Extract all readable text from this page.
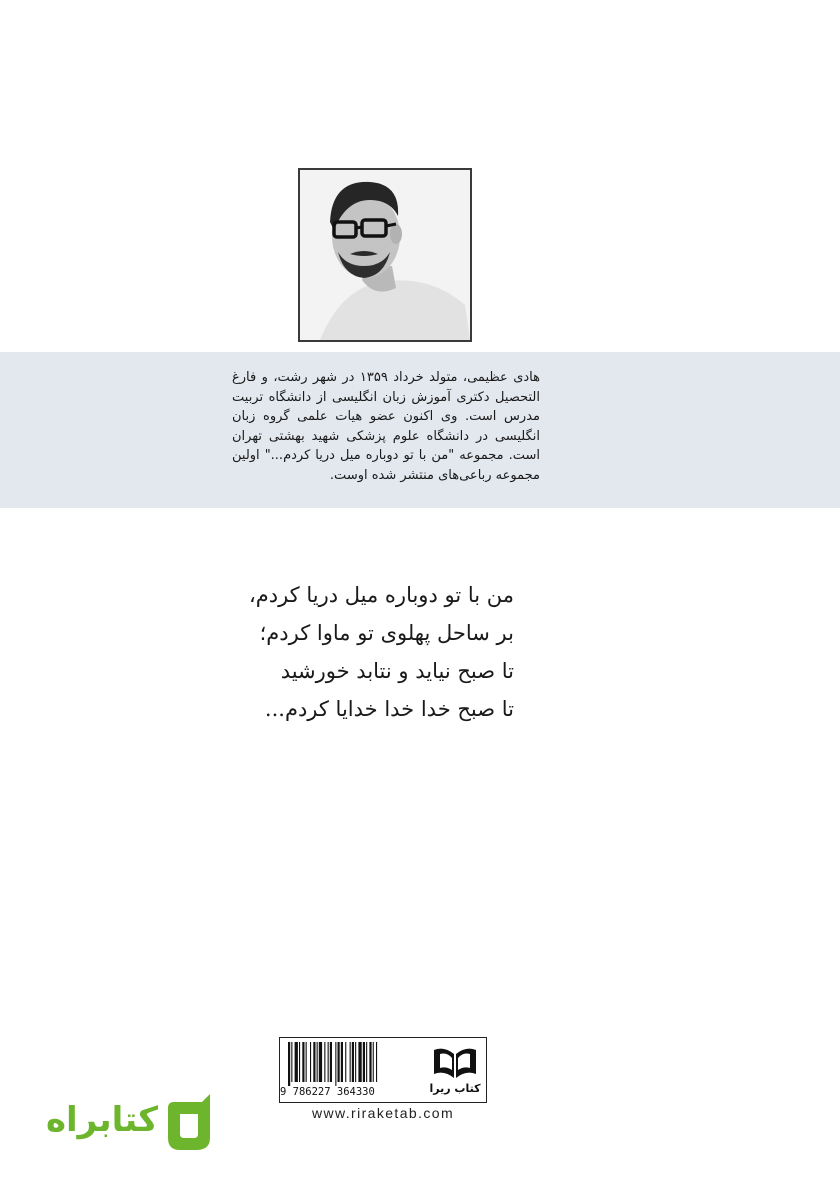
هادی عظیمی، متولد خرداد ۱۳۵۹ در شهر رشت، و فارغ التحصیل دکتری آموزش زبان انگلیسی از دانشگاه تربیت مدرس است. وی اکنون عضو هیات علمی گروه زبان انگلیسی در دانشگاه علوم پزشکی شهید بهشتی تهران است. مجموعه "من با تو دوباره میل دریا کردم..." اولین مجموعه رباعی‌های منتشر شده اوست.

من با تو دوباره میل دریا کردم،

بر ساحل پهلوی تو ماوا کردم؛

تا صبح نیاید و نتابد خورشید

تا صبح خدا خدا خدایا کردم...

9 786227 364330	کتاب ریرا
www.riraketab.com
کتابراه
